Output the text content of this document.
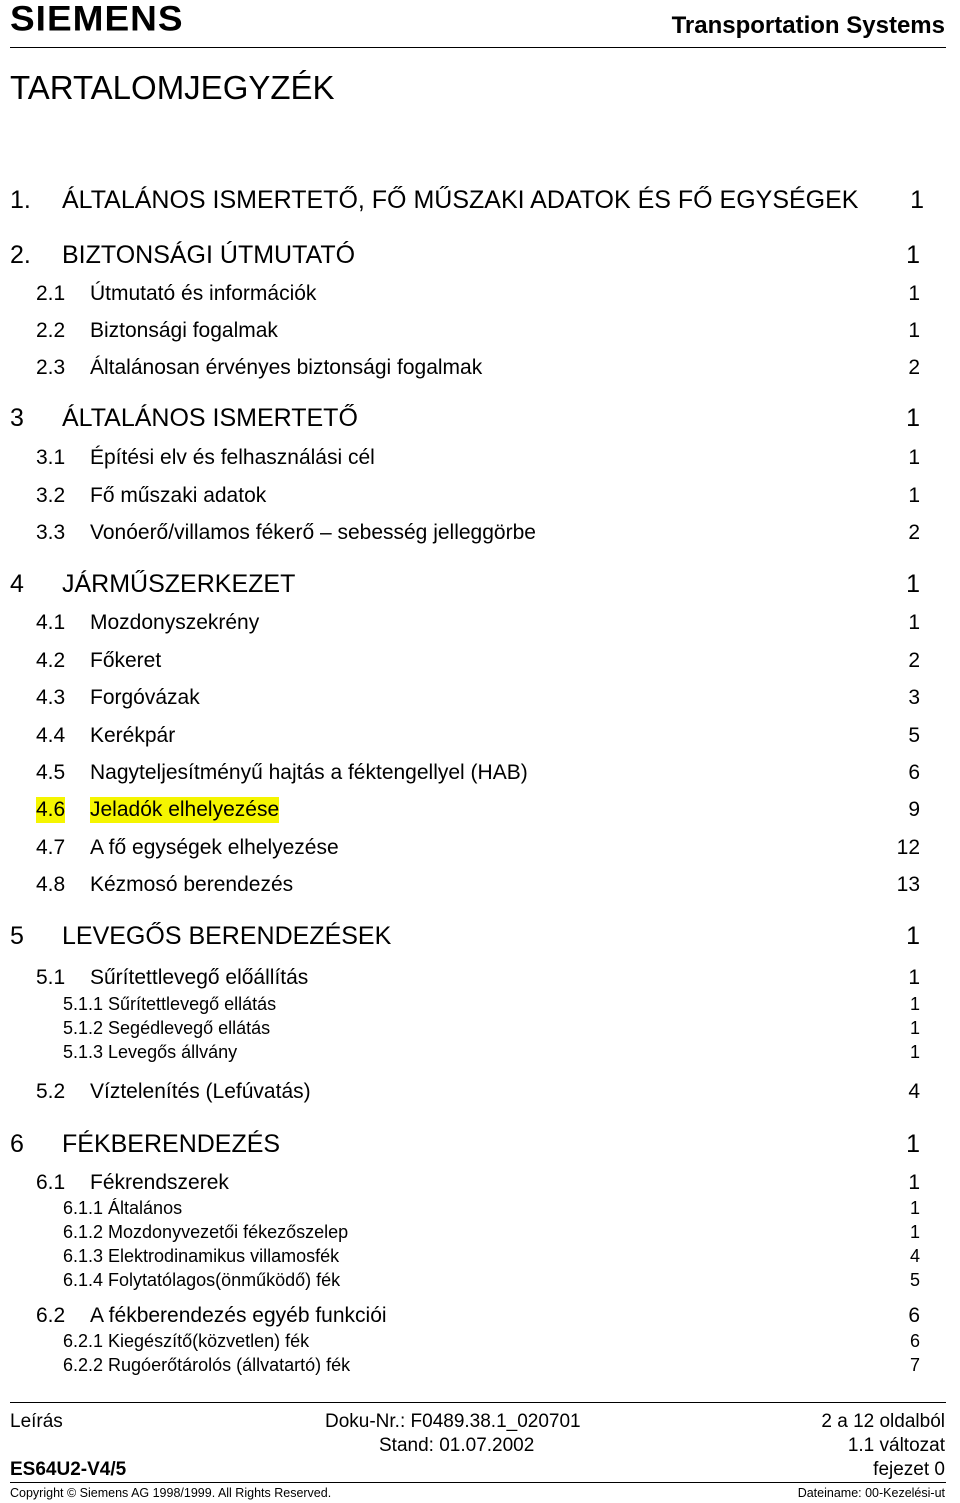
SIEMENS	Transportation Systems
TARTALOMJEGYZÉK
1. ÁLTALÁNOS ISMERTETŐ, FŐ MŰSZAKI ADATOK ÉS FŐ EGYSÉGEK 1
2. BIZTONSÁGI ÚTMUTATÓ	1
2.1 Útmutató és információk	1
2.2 Biztonsági fogalmak	1
2.3 Általánosan érvényes biztonsági fogalmak	2
3 ÁLTALÁNOS ISMERTETŐ	1
3.1 Építési elv és felhasználási cél	1
3.2 Fő műszaki adatok	1
3.3 Vonóerő/villamos fékerő – sebesség jelleggörbe	2
4 JÁRMŰSZERKEZET	1
4.1 Mozdonyszekrény	1
4.2 Főkeret	2
4.3 Forgóvázak	3
4.4 Kerékpár	5
4.5 Nagyteljesítményű hajtás a féktengellyel (HAB)	6
4.6 Jeladók elhelyezése	9
4.7 A fő egységek elhelyezése	12
4.8 Kézmosó berendezés	13
5 LEVEGŐS BERENDEZÉSEK	1
5.1 Sűrítettlevegő előállítás	1
5.1.1 Sűrítettlevegő ellátás	1
5.1.2 Segédlevegő ellátás	1
5.1.3 Levegős állvány	1
5.2 Víztelenítés (Lefúvatás)	4
6 FÉKBERENDEZÉS	1
6.1 Fékrendszerek	1
6.1.1 Általános	1
6.1.2 Mozdonyvezetői fékezőszelep	1
6.1.3 Elektrodinamikus villamosfék	4
6.1.4 Folytatólagos(önműködő) fék	5
6.2 A fékberendezés egyéb funkciói	6
6.2.1 Kiegészítő(közvetlen) fék	6
6.2.2 Rugóerőtárolós (állvatartó) fék	7
Leírás	Doku-Nr.: F0489.38.1_020701	2 a 12 oldalból
Stand: 01.07.2002	1.1 változat
ES64U2-V4/5	fejezet 0
Copyright © Siemens AG 1998/1999. All Rights Reserved.	Dateiname: 00-Kezelési-ut
